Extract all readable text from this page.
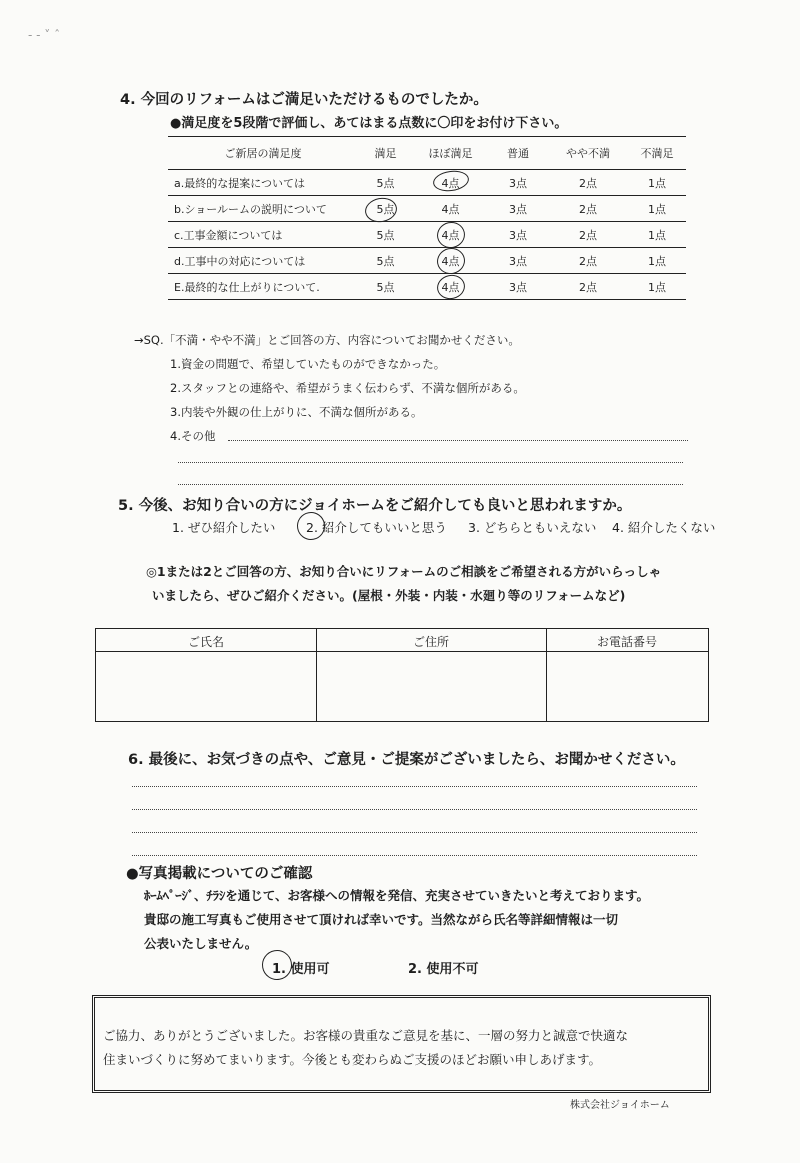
‐ ‐ ˅ ˆ
4. 今回のリフォームはご満足いただけるものでしたか。
●満足度を5段階で評価し、あてはまる点数に〇印をお付け下さい。
ご新居の満足度	満足	ほぼ満足	普通	やや不満	不満足

a.最終的な提案については	5点	4点	3点	2点	1点

b.ショールームの説明について	5点	4点	3点	2点	1点

c.工事金額については	5点	4点	3点	2点	1点

d.工事中の対応については	5点	4点	3点	2点	1点

E.最終的な仕上がりについて.	5点	4点	3点	2点	1点
→SQ.「不満・やや不満」とご回答の方、内容についてお聞かせください。
1.資金の問題で、希望していたものができなかった。
2.スタッフとの連絡や、希望がうまく伝わらず、不満な個所がある。
3.内装や外観の仕上がりに、不満な個所がある。
4.その他
5. 今後、お知り合いの方にジョイホームをご紹介しても良いと思われますか。
1. ぜひ紹介したい 2. 紹介してもいいと思う 3. どちらともいえない 4. 紹介したくない
◎1または2とご回答の方、お知り合いにリフォームのご相談をご希望される方がいらっしゃ
いましたら、ぜひご紹介ください。(屋根・外装・内装・水廻り等のリフォームなど)
ご氏名	ご住所	お電話番号
6. 最後に、お気づきの点や、ご意見・ご提案がございましたら、お聞かせください。
●写真掲載についてのご確認
ﾎｰﾑﾍﾟｰｼﾞ、ﾁﾗｼを通じて、お客様への情報を発信、充実させていきたいと考えております。
貴邸の施工写真もご使用させて頂ければ幸いです。当然ながら氏名等詳細情報は一切
公表いたしません。
1. 使用可	2. 使用不可
ご協力、ありがとうございました。お客様の貴重なご意見を基に、一層の努力と誠意で快適な
住まいづくりに努めてまいります。今後とも変わらぬご支援のほどお願い申しあげます。
株式会社ジョイホーム
